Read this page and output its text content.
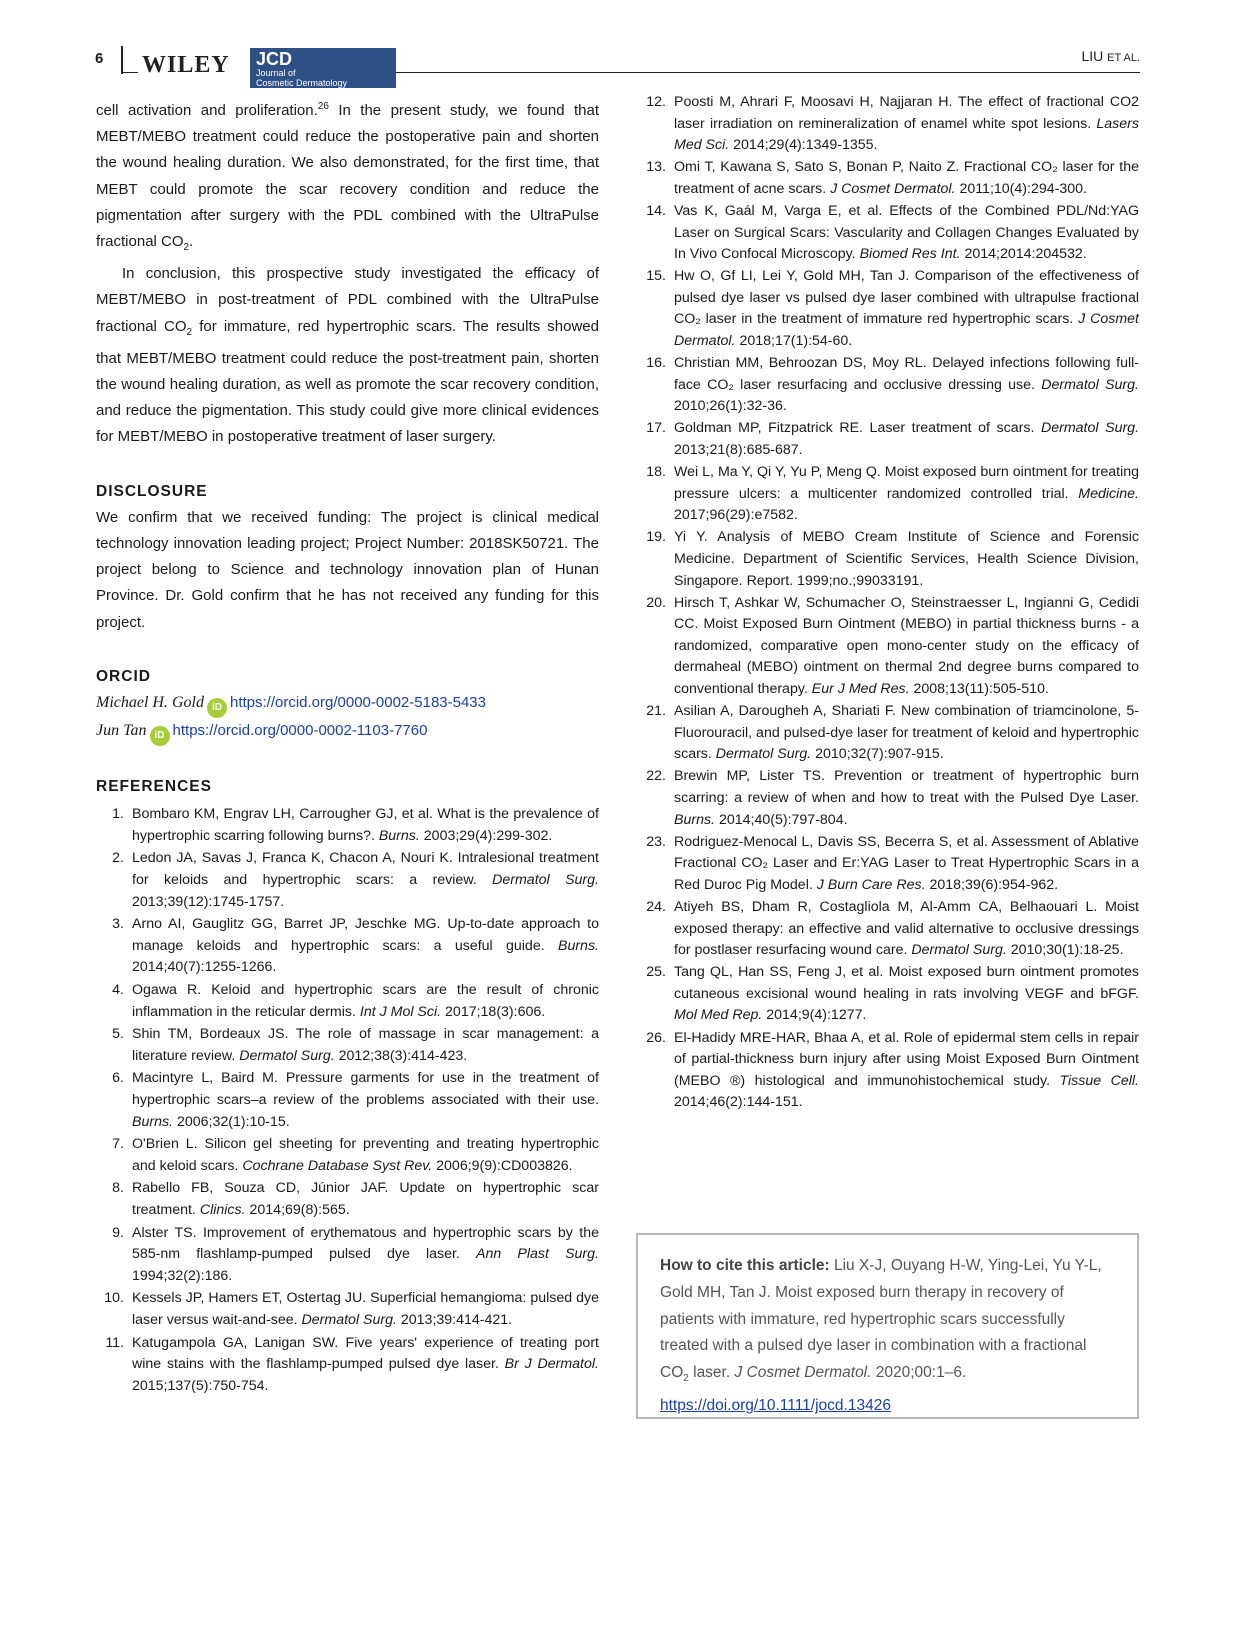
6 WILEY JCD
Journal of
Cosmetic Dermatology
LIU ET AL.

cell activation and proliferation.$^{26}$ In the present study, we found that MEBT/MEBO treatment could reduce the postoperative pain and shorten the wound healing duration. We also demonstrated, for the first time, that MEBT could promote the scar recovery condition and reduce the pigmentation after surgery with the PDL combined with the UltraPulse fractional $CO_2$.

In conclusion, this prospective study investigated the efficacy of MEBT/MEBO in post-treatment of PDL combined with the UltraPulse fractional $CO_2$ for immature, red hypertrophic scars. The results showed that MEBT/MEBO treatment could reduce the post-treatment pain, shorten the wound healing duration, as well as promote the scar recovery condition, and reduce the pigmentation. This study could give more clinical evidences for MEBT/MEBO in postoperative treatment of laser surgery.

DISCLOSURE

We confirm that we received funding: The project is clinical medical technology innovation leading project; Project Number: 2018SK50721. The project belong to Science and technology innovation plan of Hunan Province. Dr. Gold confirm that he has not received any funding for this project.

ORCID
Michael H. Gold iD https://orcid.org/0000-0002-5183-5433
Jun Tan iD https://orcid.org/0000-0002-1103-7760
REFERENCES
1. Bombaro KM, Engrav LH, Carrougher GJ, et al. What is the prevalence of hypertrophic scarring following burns?. Burns. 2003;29(4):299-302.
2. Ledon JA, Savas J, Franca K, Chacon A, Nouri K. Intralesional treatment for keloids and hypertrophic scars: a review. Dermatol Surg. 2013;39(12):1745-1757.
3. Arno AI, Gauglitz GG, Barret JP, Jeschke MG. Up-to-date approach to manage keloids and hypertrophic scars: a useful guide. Burns. 2014;40(7):1255-1266.
4. Ogawa R. Keloid and hypertrophic scars are the result of chronic inflammation in the reticular dermis. Int J Mol Sci. 2017;18(3):606.
5. Shin TM, Bordeaux JS. The role of massage in scar management: a literature review. Dermatol Surg. 2012;38(3):414-423.
6. Macintyre L, Baird M. Pressure garments for use in the treatment of hypertrophic scars–a review of the problems associated with their use. Burns. 2006;32(1):10-15.
7. O'Brien L. Silicon gel sheeting for preventing and treating hypertrophic and keloid scars. Cochrane Database Syst Rev. 2006;9(9):CD003826.
8. Rabello FB, Souza CD, Júnior JAF. Update on hypertrophic scar treatment. Clinics. 2014;69(8):565.
9. Alster TS. Improvement of erythematous and hypertrophic scars by the 585-nm flashlamp-pumped pulsed dye laser. Ann Plast Surg. 1994;32(2):186.
10. Kessels JP, Hamers ET, Ostertag JU. Superficial hemangioma: pulsed dye laser versus wait-and-see. Dermatol Surg. 2013;39:414-421.
11. Katugampola GA, Lanigan SW. Five years' experience of treating port wine stains with the flashlamp-pumped pulsed dye laser. Br J Dermatol. 2015;137(5):750-754.
12. Poosti M, Ahrari F, Moosavi H, Najjaran H. The effect of fractional CO2 laser irradiation on remineralization of enamel white spot lesions. Lasers Med Sci. 2014;29(4):1349-1355.
13. Omi T, Kawana S, Sato S, Bonan P, Naito Z. Fractional CO₂ laser for the treatment of acne scars. J Cosmet Dermatol. 2011;10(4):294-300.
14. Vas K, Gaál M, Varga E, et al. Effects of the Combined PDL/Nd:YAG Laser on Surgical Scars: Vascularity and Collagen Changes Evaluated by In Vivo Confocal Microscopy. Biomed Res Int. 2014;2014:204532.
15. Hw O, Gf LI, Lei Y, Gold MH, Tan J. Comparison of the effectiveness of pulsed dye laser vs pulsed dye laser combined with ultrapulse fractional CO₂ laser in the treatment of immature red hypertrophic scars. J Cosmet Dermatol. 2018;17(1):54-60.
16. Christian MM, Behroozan DS, Moy RL. Delayed infections following full-face CO₂ laser resurfacing and occlusive dressing use. Dermatol Surg. 2010;26(1):32-36.
17. Goldman MP, Fitzpatrick RE. Laser treatment of scars. Dermatol Surg. 2013;21(8):685-687.
18. Wei L, Ma Y, Qi Y, Yu P, Meng Q. Moist exposed burn ointment for treating pressure ulcers: a multicenter randomized controlled trial. Medicine. 2017;96(29):e7582.
19. Yi Y. Analysis of MEBO Cream Institute of Science and Forensic Medicine. Department of Scientific Services, Health Science Division, Singapore. Report. 1999;no.;99033191.
20. Hirsch T, Ashkar W, Schumacher O, Steinstraesser L, Ingianni G, Cedidi CC. Moist Exposed Burn Ointment (MEBO) in partial thickness burns - a randomized, comparative open mono-center study on the efficacy of dermaheal (MEBO) ointment on thermal 2nd degree burns compared to conventional therapy. Eur J Med Res. 2008;13(11):505-510.
21. Asilian A, Darougheh A, Shariati F. New combination of triamcinolone, 5-Fluorouracil, and pulsed-dye laser for treatment of keloid and hypertrophic scars. Dermatol Surg. 2010;32(7):907-915.
22. Brewin MP, Lister TS. Prevention or treatment of hypertrophic burn scarring: a review of when and how to treat with the Pulsed Dye Laser. Burns. 2014;40(5):797-804.
23. Rodriguez-Menocal L, Davis SS, Becerra S, et al. Assessment of Ablative Fractional CO₂ Laser and Er:YAG Laser to Treat Hypertrophic Scars in a Red Duroc Pig Model. J Burn Care Res. 2018;39(6):954-962.
24. Atiyeh BS, Dham R, Costagliola M, Al-Amm CA, Belhaouari L. Moist exposed therapy: an effective and valid alternative to occlusive dressings for postlaser resurfacing wound care. Dermatol Surg. 2010;30(1):18-25.
25. Tang QL, Han SS, Feng J, et al. Moist exposed burn ointment promotes cutaneous excisional wound healing in rats involving VEGF and bFGF. Mol Med Rep. 2014;9(4):1277.
26. El-Hadidy MRE-HAR, Bhaa A, et al. Role of epidermal stem cells in repair of partial-thickness burn injury after using Moist Exposed Burn Ointment (MEBO ®) histological and immunohistochemical study. Tissue Cell. 2014;46(2):144-151.
How to cite this article: Liu X-J, Ouyang H-W, Ying-Lei, Yu Y-L, Gold MH, Tan J. Moist exposed burn therapy in recovery of patients with immature, red hypertrophic scars successfully treated with a pulsed dye laser in combination with a fractional $CO_2$ laser. J Cosmet Dermatol. 2020;00:1–6.
https://doi.org/10.1111/jocd.13426
